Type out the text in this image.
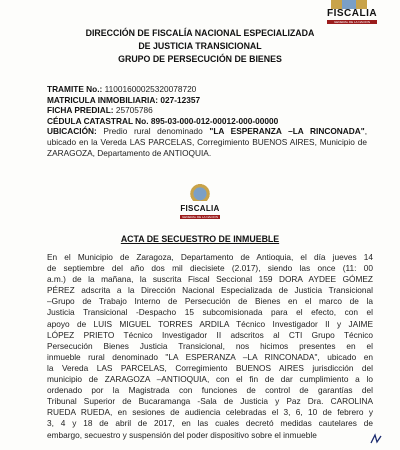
FISCALIA
GENERAL DE LA NACION
DIRECCIÓN DE FISCALÍA NACIONAL ESPECIALIZADA
DE JUSTICIA TRANSICIONAL
GRUPO DE PERSECUCIÓN DE BIENES
TRAMITE No.: 11001600025320078720
MATRICULA INMOBILIARIA: 027-12357
FICHA PREDIAL: 25705786
CÉDULA CATASTRAL No. 895-03-000-012-00012-000-00000
UBICACIÓN: Predio rural denominado "LA ESPERANZA –LA RINCONADA", ubicado en la Vereda LAS PARCELAS, Corregimiento BUENOS AIRES, Municipio de ZARAGOZA, Departamento de ANTIOQUIA.
FISCALIA
GENERAL DE LA NACION
ACTA DE SECUESTRO DE INMUEBLE
En el Municipio de Zaragoza, Departamento de Antioquia, el día jueves 14
de septiembre del año dos mil diecisiete (2.017), siendo las once (11: 00
a.m.) de la mañana, la suscrita Fiscal Seccional 159 DORA AYDEE GÓMEZ
PÉREZ adscrita a la Dirección Nacional Especializada de Justicia Transicional
–Grupo de Trabajo Interno de Persecución de Bienes en el marco de la
Justicia Transicional -Despacho 15 subcomisionada para el efecto, con el
apoyo de LUIS MIGUEL TORRES ARDILA Técnico Investigador II y JAIME
LÓPEZ PRIETO Técnico Investigador II adscritos al CTI Grupo Técnico
Persecución Bienes Justicia Transicional, nos hicimos presentes en el
inmueble rural denominado "LA ESPERANZA –LA RINCONADA", ubicado en
la Vereda LAS PARCELAS, Corregimiento BUENOS AIRES jurisdicción del
municipio de ZARAGOZA –ANTIOQUIA, con el fin de dar cumplimiento a lo
ordenado por la Magistrada con funciones de control de garantías del
Tribunal Superior de Bucaramanga -Sala de Justicia y Paz Dra. CAROLINA
RUEDA RUEDA, en sesiones de audiencia celebradas el 3, 6, 10 de febrero y
3, 4 y 18 de abril de 2017, en las cuales decretó medidas cautelares de
embargo, secuestro y suspensión del poder dispositivo sobre el inmueble
